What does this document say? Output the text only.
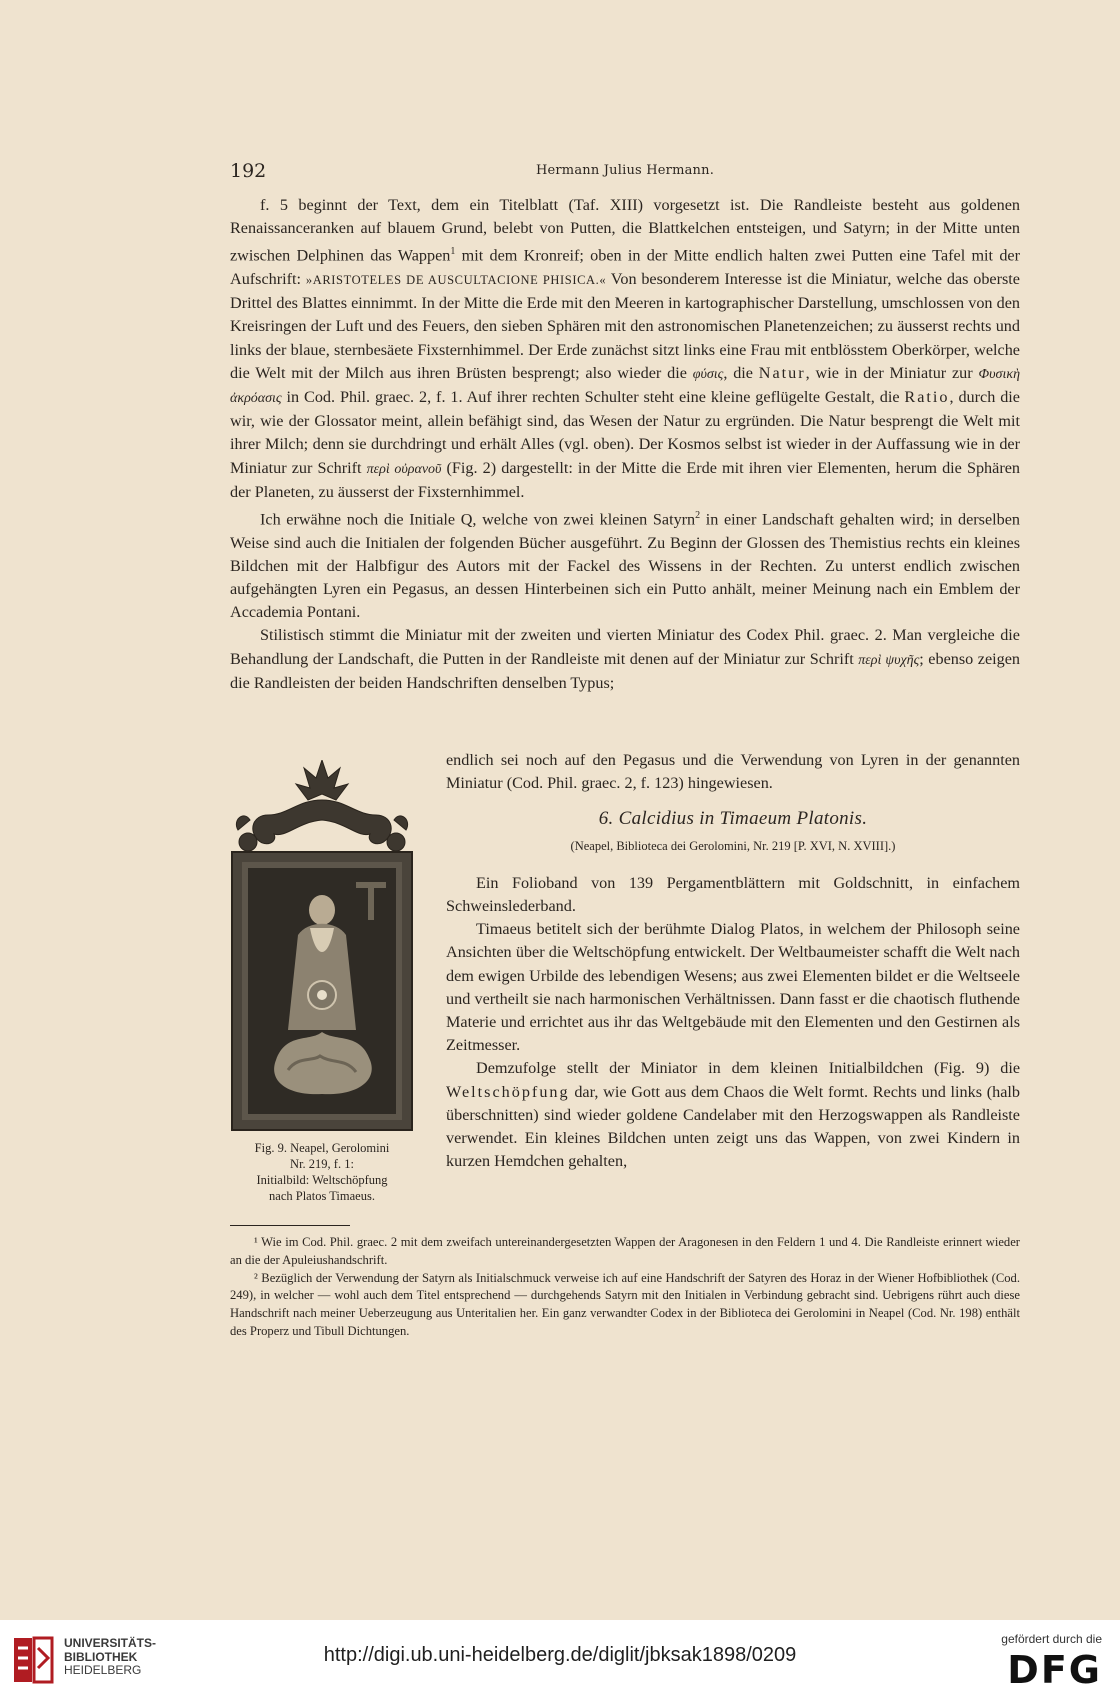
192	Hermann Julius Hermann.

f. 5 beginnt der Text, dem ein Titelblatt (Taf. XIII) vorgesetzt ist. Die Randleiste besteht aus goldenen Renaissanceranken auf blauem Grund, belebt von Putten, die Blattkelchen entsteigen, und Satyrn; in der Mitte unten zwischen Delphinen das Wappen$^1$ mit dem Kronreif; oben in der Mitte endlich halten zwei Putten eine Tafel mit der Aufschrift: »ARISTOTELES DE AUSCULTACIONE PHISICA.« Von besonderem Interesse ist die Miniatur, welche das oberste Drittel des Blattes einnimmt. In der Mitte die Erde mit den Meeren in kartographischer Darstellung, umschlossen von den Kreisringen der Luft und des Feuers, den sieben Sphären mit den astronomischen Planetenzeichen; zu äusserst rechts und links der blaue, sternbesäete Fixsternhimmel. Der Erde zunächst sitzt links eine Frau mit entblösstem Oberkörper, welche die Welt mit der Milch aus ihren Brüsten besprengt; also wieder die φύσις, die Natur, wie in der Miniatur zur Φυσικὴ ἀκρόασις in Cod. Phil. graec. 2, f. 1. Auf ihrer rechten Schulter steht eine kleine geflügelte Gestalt, die Ratio, durch die wir, wie der Glossator meint, allein befähigt sind, das Wesen der Natur zu ergründen. Die Natur besprengt die Welt mit ihrer Milch; denn sie durchdringt und erhält Alles (vgl. oben). Der Kosmos selbst ist wieder in der Auffassung wie in der Miniatur zur Schrift περὶ οὐρανοῦ (Fig. 2) dargestellt: in der Mitte die Erde mit ihren vier Elementen, herum die Sphären der Planeten, zu äusserst der Fixsternhimmel.

Ich erwähne noch die Initiale Q, welche von zwei kleinen Satyrn$^2$ in einer Landschaft gehalten wird; in derselben Weise sind auch die Initialen der folgenden Bücher ausgeführt. Zu Beginn der Glossen des Themistius rechts ein kleines Bildchen mit der Halbfigur des Autors mit der Fackel des Wissens in der Rechten. Zu unterst endlich zwischen aufgehängten Lyren ein Pegasus, an dessen Hinterbeinen sich ein Putto anhält, meiner Meinung nach ein Emblem der Accademia Pontani.

Stilistisch stimmt die Miniatur mit der zweiten und vierten Miniatur des Codex Phil. graec. 2. Man vergleiche die Behandlung der Landschaft, die Putten in der Randleiste mit denen auf der Miniatur zur Schrift περὶ ψυχῆς; ebenso zeigen die Randleisten der beiden Handschriften denselben Typus;

Fig. 9. Neapel, Gerolomini
Nr. 219, f. 1:
Initialbild: Weltschöpfung
nach Platos Timaeus.

endlich sei noch auf den Pegasus und die Verwendung von Lyren in der genannten Miniatur (Cod. Phil. graec. 2, f. 123) hingewiesen.

6. Calcidius in Timaeum Platonis.
(Neapel, Biblioteca dei Gerolomini, Nr. 219 [P. XVI, N. XVIII].)

Ein Folioband von 139 Pergamentblättern mit Goldschnitt, in einfachem Schweinslederband.

Timaeus betitelt sich der berühmte Dialog Platos, in welchem der Philosoph seine Ansichten über die Weltschöpfung entwickelt. Der Weltbaumeister schafft die Welt nach dem ewigen Urbilde des lebendigen Wesens; aus zwei Elementen bildet er die Weltseele und vertheilt sie nach harmonischen Verhältnissen. Dann fasst er die chaotisch fluthende Materie und errichtet aus ihr das Weltgebäude mit den Elementen und den Gestirnen als Zeitmesser.

Demzufolge stellt der Miniator in dem kleinen Initialbildchen (Fig. 9) die Weltschöpfung dar, wie Gott aus dem Chaos die Welt formt. Rechts und links (halb überschnitten) sind wieder goldene Candelaber mit den Herzogswappen als Randleiste verwendet. Ein kleines Bildchen unten zeigt uns das Wappen, von zwei Kindern in kurzen Hemdchen gehalten,

¹ Wie im Cod. Phil. graec. 2 mit dem zweifach untereinandergesetzten Wappen der Aragonesen in den Feldern 1 und 4. Die Randleiste erinnert wieder an die der Apuleiushandschrift.

² Bezüglich der Verwendung der Satyrn als Initialschmuck verweise ich auf eine Handschrift der Satyren des Horaz in der Wiener Hofbibliothek (Cod. 249), in welcher — wohl auch dem Titel entsprechend — durchgehends Satyrn mit den Initialen in Verbindung gebracht sind. Uebrigens rührt auch diese Handschrift nach meiner Ueberzeugung aus Unteritalien her. Ein ganz verwandter Codex in der Biblioteca dei Gerolomini in Neapel (Cod. Nr. 198) enthält des Properz und Tibull Dichtungen.

UNIVERSITÄTS-
BIBLIOTHEK
HEIDELBERG
http://digi.ub.uni-heidelberg.de/diglit/jbksak1898/0209
gefördert durch die
DFG
